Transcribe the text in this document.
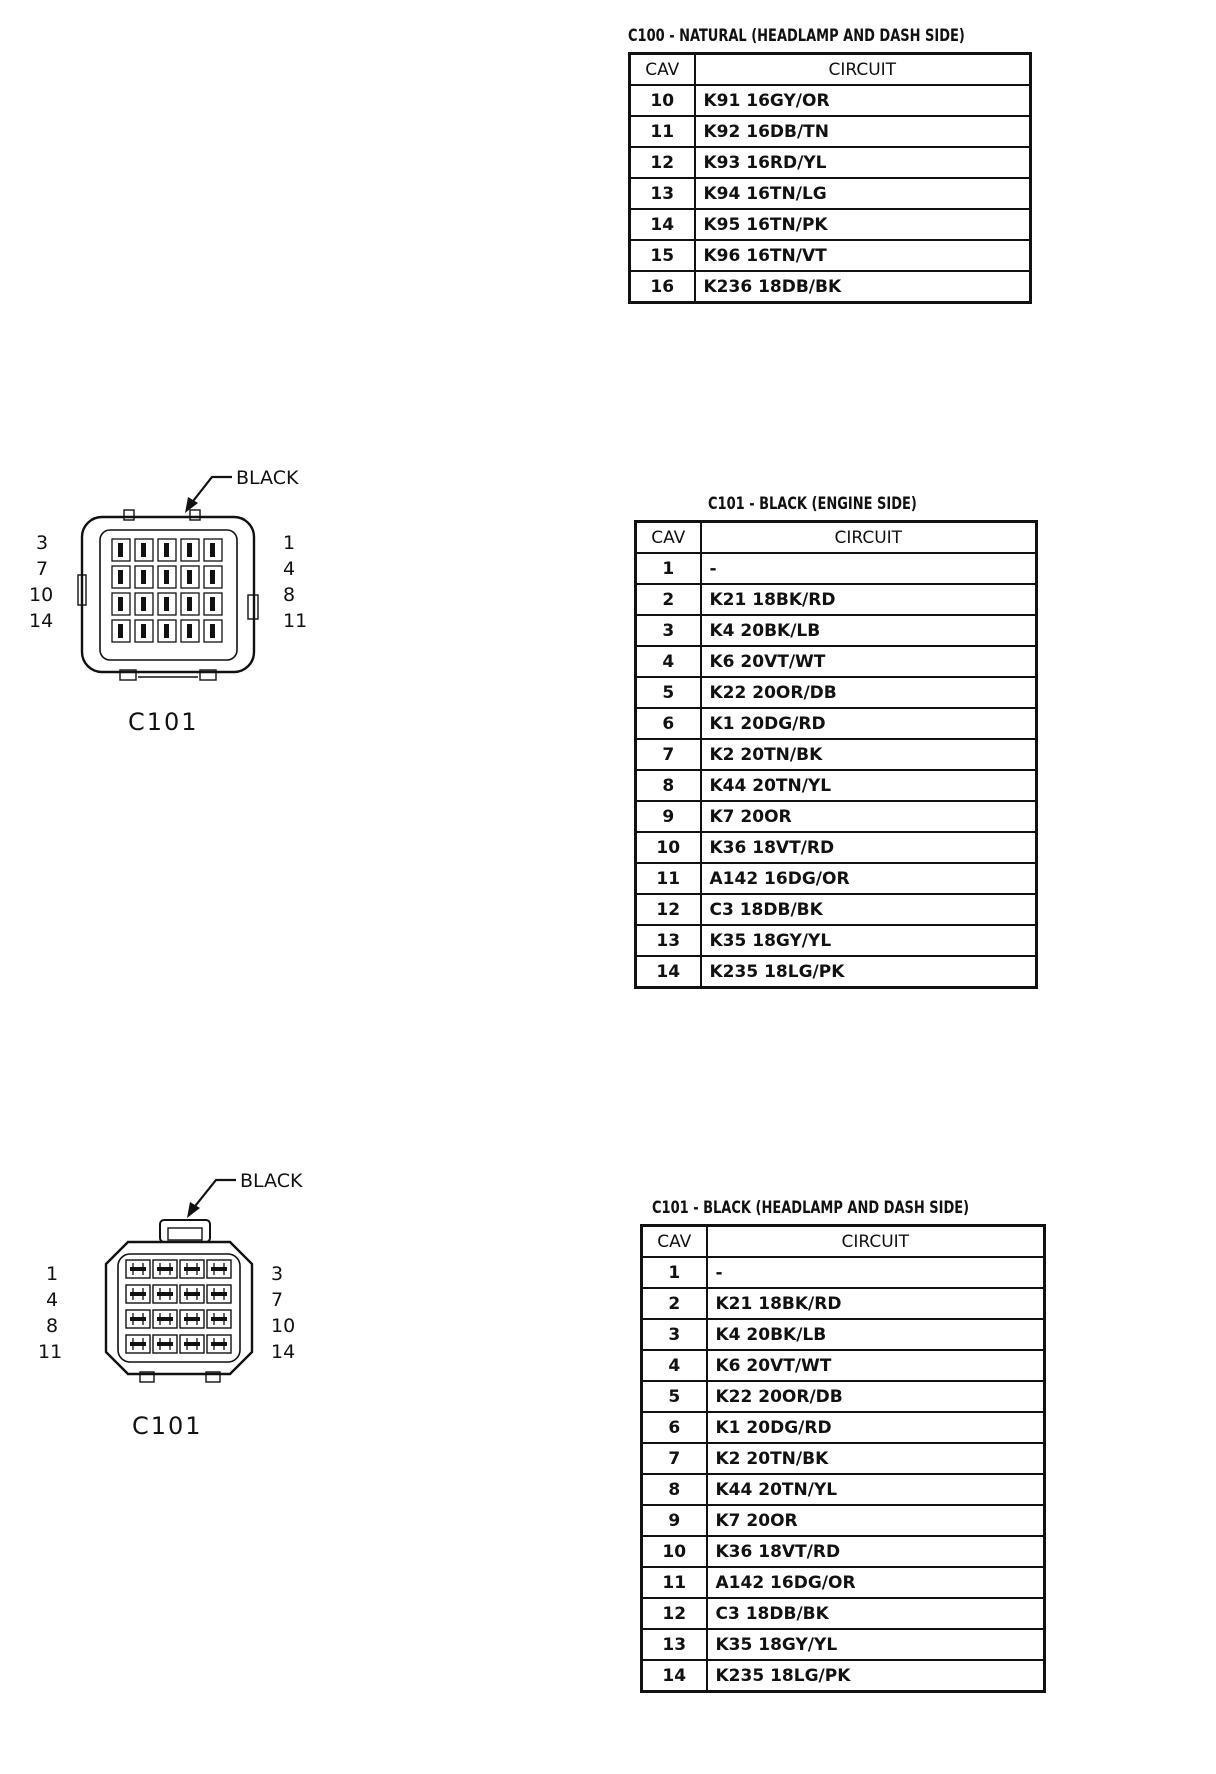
C100 - NATURAL (HEADLAMP AND DASH SIDE)
CAV	CIRCUIT
10	K91 16GY/OR
11	K92 16DB/TN
12	K93 16RD/YL
13	K94 16TN/LG
14	K95 16TN/PK
15	K96 16TN/VT
16	K236 18DB/BK
C101 - BLACK (ENGINE SIDE)
CAV	CIRCUIT
1	-
2	K21 18BK/RD
3	K4 20BK/LB
4	K6 20VT/WT
5	K22 20OR/DB
6	K1 20DG/RD
7	K2 20TN/BK
8	K44 20TN/YL
9	K7 20OR
10	K36 18VT/RD
11	A142 16DG/OR
12	C3 18DB/BK
13	K35 18GY/YL
14	K235 18LG/PK
C101 - BLACK (HEADLAMP AND DASH SIDE)
CAV	CIRCUIT
1	-
2	K21 18BK/RD
3	K4 20BK/LB
4	K6 20VT/WT
5	K22 20OR/DB
6	K1 20DG/RD
7	K2 20TN/BK
8	K44 20TN/YL
9	K7 20OR
10	K36 18VT/RD
11	A142 16DG/OR
12	C3 18DB/BK
13	K35 18GY/YL
14	K235 18LG/PK
BLACK
3
7
10
14
1
4
8
11
C101
BLACK
1
4
8
11
3
7
10
14
C101
